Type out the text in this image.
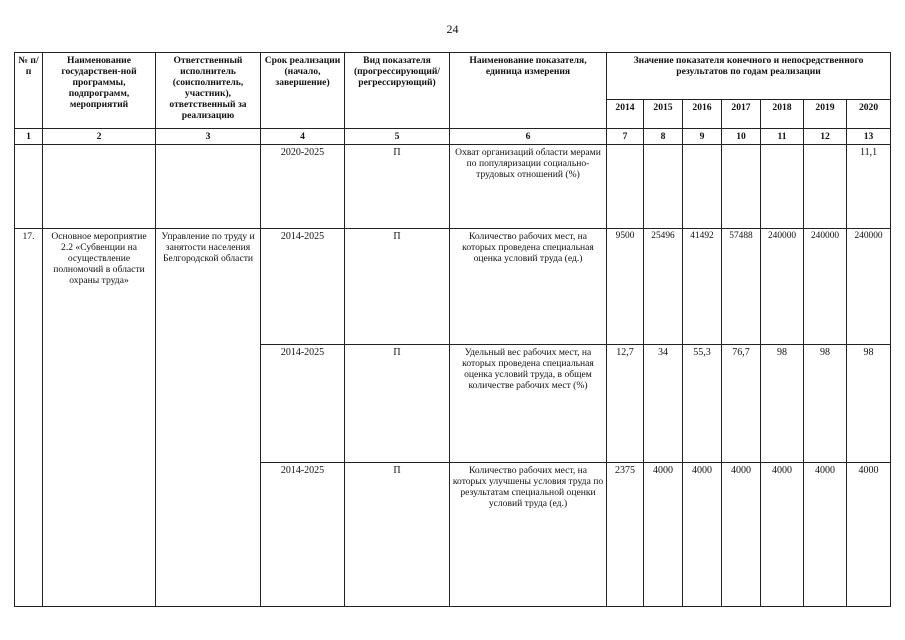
24
№ п/п	Наименование государствен-ной программы, подпрограмм, мероприятий	Ответственный исполнитель (соисполнитель, участник), ответственный за реализацию	Срок реализации (начало, завершение)	Вид показателя (прогрессирующий/ регрессирующий)	Наименование показателя, единица измерения	Значение показателя конечного и непосредственного результатов по годам реализации						
						2014	2015	2016	2017	2018	2019	2020
1	2	3	4	5	6	7	8	9	10	11	12	13
			2020-2025	П	Охват организаций области мерами по популяризации социально-трудовых отношений (%)							11,1
17.	Основное мероприятие 2.2 «Субвенции на осуществление полномочий в области охраны труда»	Управление по труду и занятости населения Белгородской области	2014-2025	П	Количество рабочих мест, на которых проведена специальная оценка условий труда (ед.)	9500	25496	41492	57488	240000	240000	240000
			2014-2025	П	Удельный вес рабочих мест, на которых проведена специальная оценка условий труда, в общем количестве рабочих мест (%)	12,7	34	55,3	76,7	98	98	98
			2014-2025	П	Количество рабочих мест, на которых улучшены условия труда по результатам специальной оценки условий труда (ед.)	2375	4000	4000	4000	4000	4000	4000
